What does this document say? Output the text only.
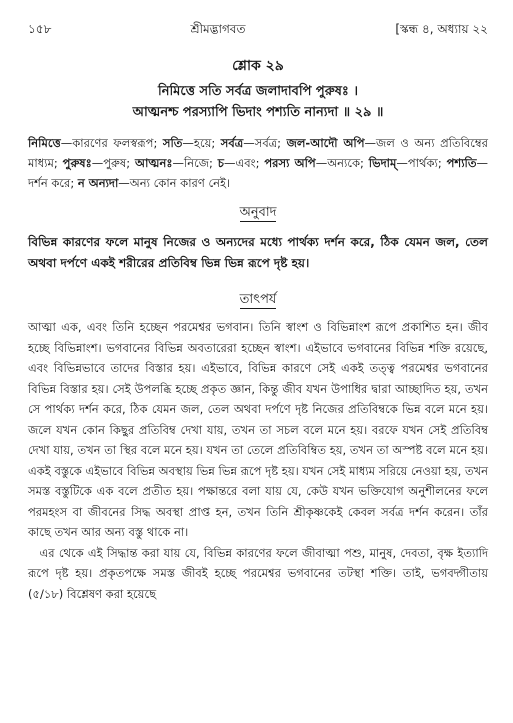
১৫৮	শ্রীমদ্ভাগবত	[স্কন্ধ ৪, অধ্যায় ২২
শ্লোক ২৯
নিমিত্তে সতি সর্বত্র জলাদাবপি পুরুষঃ ।
আত্মনশ্চ পরস্যাপি ভিদাং পশ্যতি নান্যদা ॥ ২৯ ॥
নিমিত্তে—কারণের ফলস্বরূপ; সতি—হয়ে; সর্বত্র—সর্বত্র; জল-আদৌ অপি—জল ও অন্য প্রতিবিম্বের মাধ্যম; পুরুষঃ—পুরুষ; আত্মনঃ—নিজে; চ—এবং; পরস্য অপি—অন্যকে; ভিদাম্—পার্থক্য; পশ্যতি—দর্শন করে; ন অন্যদা—অন্য কোন কারণ নেই।
অনুবাদ
বিভিন্ন কারণের ফলে মানুষ নিজের ও অন্যদের মধ্যে পার্থক্য দর্শন করে, ঠিক যেমন জল, তেল অথবা দর্পণে একই শরীরের প্রতিবিম্ব ভিন্ন ভিন্ন রূপে দৃষ্ট হয়।
তাৎপর্য

আত্মা এক, এবং তিনি হচ্ছেন পরমেশ্বর ভগবান। তিনি স্বাংশ ও বিভিন্নাংশ রূপে প্রকাশিত হন। জীব হচ্ছে বিভিন্নাংশ। ভগবানের বিভিন্ন অবতারেরা হচ্ছেন স্বাংশ। এইভাবে ভগবানের বিভিন্ন শক্তি রয়েছে, এবং বিভিন্নভাবে তাদের বিস্তার হয়। এইভাবে, বিভিন্ন কারণে সেই একই তত্ত্ব পরমেশ্বর ভগবানের বিভিন্ন বিস্তার হয়। সেই উপলব্ধি হচ্ছে প্রকৃত জ্ঞান, কিন্তু জীব যখন উপাধির দ্বারা আচ্ছাদিত হয়, তখন সে পার্থক্য দর্শন করে, ঠিক যেমন জল, তেল অথবা দর্পণে দৃষ্ট নিজের প্রতিবিম্বকে ভিন্ন বলে মনে হয়। জলে যখন কোন কিছুর প্রতিবিম্ব দেখা যায়, তখন তা সচল বলে মনে হয়। বরফে যখন সেই প্রতিবিম্ব দেখা যায়, তখন তা স্থির বলে মনে হয়। যখন তা তেলে প্রতিবিম্বিত হয়, তখন তা অস্পষ্ট বলে মনে হয়। একই বস্তুকে এইভাবে বিভিন্ন অবস্থায় ভিন্ন ভিন্ন রূপে দৃষ্ট হয়। যখন সেই মাধ্যম সরিয়ে নেওয়া হয়, তখন সমস্ত বস্তুটিকে এক বলে প্রতীত হয়। পক্ষান্তরে বলা যায় যে, কেউ যখন ভক্তিযোগ অনুশীলনের ফলে পরমহংস বা জীবনের সিদ্ধ অবস্থা প্রাপ্ত হন, তখন তিনি শ্রীকৃষ্ণকেই কেবল সর্বত্র দর্শন করেন। তাঁর কাছে তখন আর অন্য বস্তু থাকে না।

এর থেকে এই সিদ্ধান্ত করা যায় যে, বিভিন্ন কারণের ফলে জীবাত্মা পশু, মানুষ, দেবতা, বৃক্ষ ইত্যাদি রূপে দৃষ্ট হয়। প্রকৃতপক্ষে সমস্ত জীবই হচ্ছে পরমেশ্বর ভগবানের তটস্থা শক্তি। তাই, ভগবদ্গীতায় (৫/১৮) বিশ্লেষণ করা হয়েছে
